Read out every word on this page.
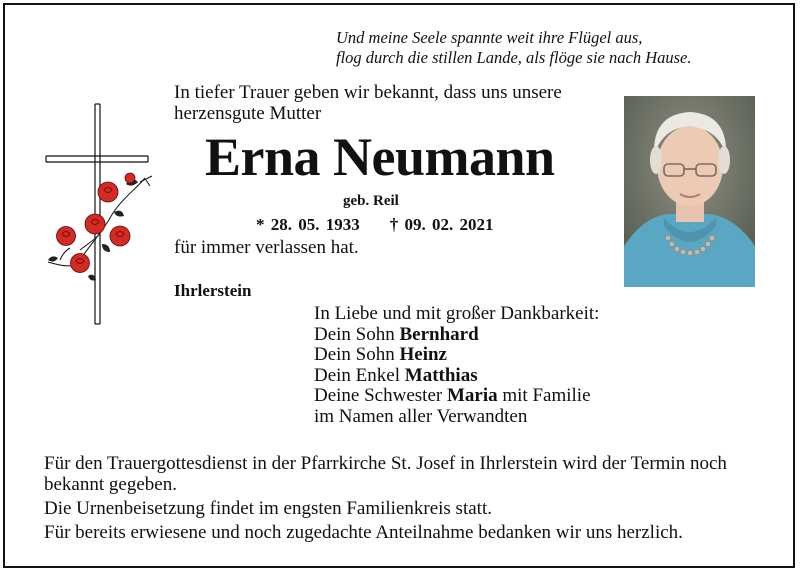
Und meine Seele spannte weit ihre Flügel aus,
flog durch die stillen Lande, als flöge sie nach Hause.
In tiefer Trauer geben wir bekannt, dass uns unsere herzensgute Mutter
Erna Neumann
geb. Reil
* 28. 05. 1933 † 09. 02. 2021
für immer verlassen hat.
Ihrlerstein
In Liebe und mit großer Dankbarkeit:
Dein Sohn Bernhard
Dein Sohn Heinz
Dein Enkel Matthias
Deine Schwester Maria mit Familie
im Namen aller Verwandten

Für den Trauergottesdienst in der Pfarrkirche St. Josef in Ihrlerstein wird der Termin noch bekannt gegeben.

Die Urnenbeisetzung findet im engsten Familienkreis statt.

Für bereits erwiesene und noch zugedachte Anteilnahme bedanken wir uns herzlich.
